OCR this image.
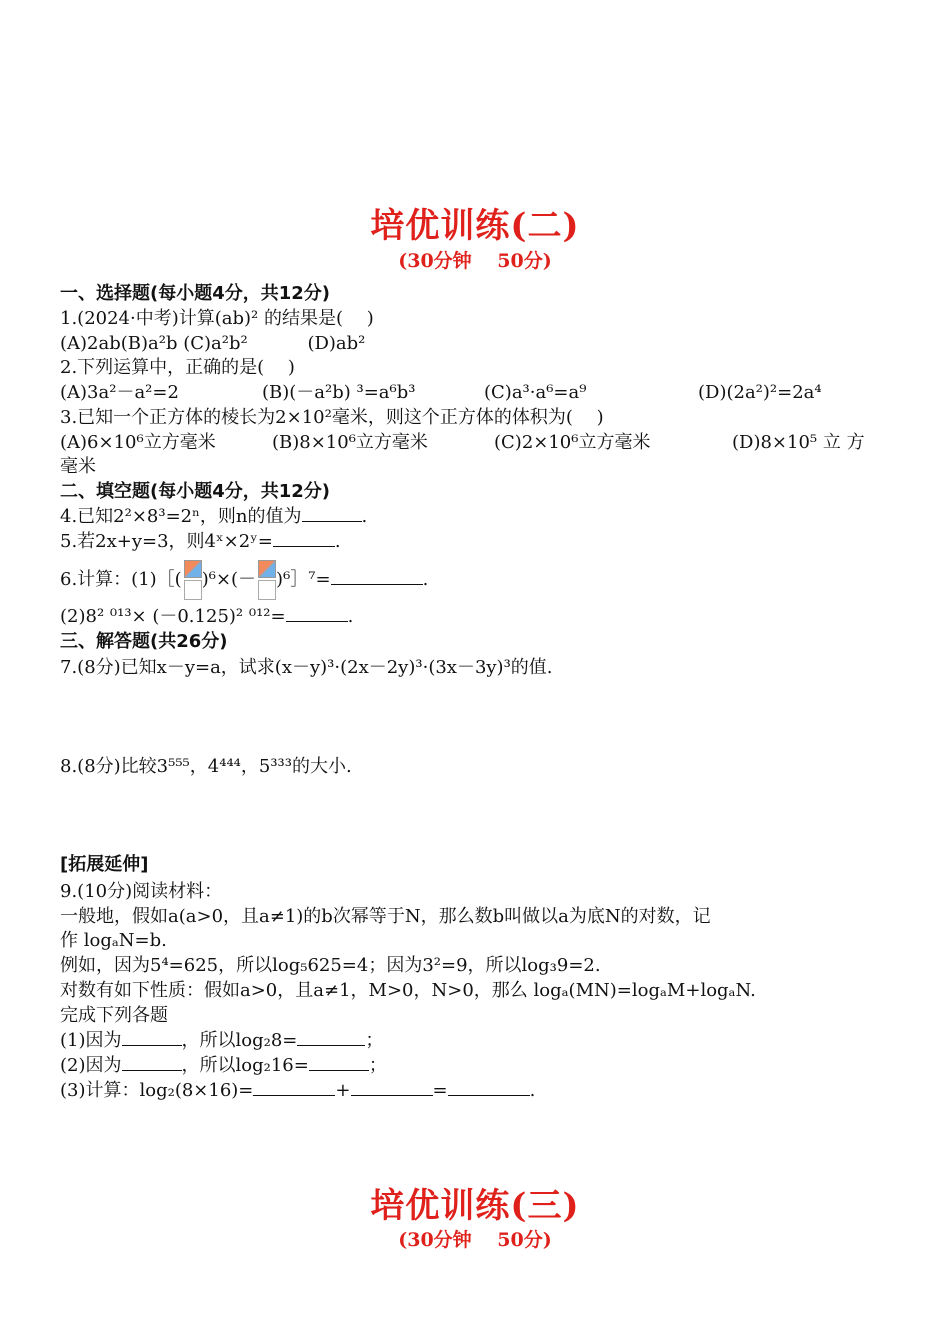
培优训练(二)
(30分钟　 50分)
一、选择题(每小题4分，共12分)
1.(2024·中考)计算(ab)² 的结果是(　 )
(A)2ab(B)a²b (C)a²b² 　　　(D)ab²
2.下列运算中，正确的是(　 )
(A)3a²－a²=2	(B)(－a²b) ³=a⁶b³	(C)a³·a⁶=a⁹	(D)(2a²)²=2a⁴
3.已知一个正方体的棱长为2×10²毫米，则这个正方体的体积为(　 )
(A)6×10⁶立方毫米	(B)8×10⁶立方毫米	(C)2×10⁶立方毫米	(D)8×10⁵ 立 方
毫米
二、填空题(每小题4分，共12分)
4.已知2²×8³=2ⁿ，则n的值为	.
5.若2x+y=3，则4ˣ×2ʸ=	.
6.计算：(1)［( )⁶×(－ )⁶］⁷=	.
(2)8² ⁰¹³× (－0.125)² ⁰¹²=	.
三、解答题(共26分)
7.(8分)已知x－y=a，试求(x－y)³·(2x－2y)³·(3x－3y)³的值.
8.(8分)比较3⁵⁵⁵，4⁴⁴⁴，5³³³的大小.
[拓展延伸]
9.(10分)阅读材料：
一般地，假如a(a>0，且a≠1)的b次幂等于N，那么数b叫做以a为底N的对数，记
作 logₐN=b.
例如，因为5⁴=625，所以log₅625=4；因为3²=9，所以log₃9=2.
对数有如下性质：假如a>0，且a≠1，M>0，N>0，那么 logₐ(MN)=logₐM+logₐN.
完成下列各题
(1)因为	，所以log₂8=	；
(2)因为	，所以log₂16=	；
(3)计算：log₂(8×16)=	+	=	.
培优训练(三)
(30分钟　 50分)
